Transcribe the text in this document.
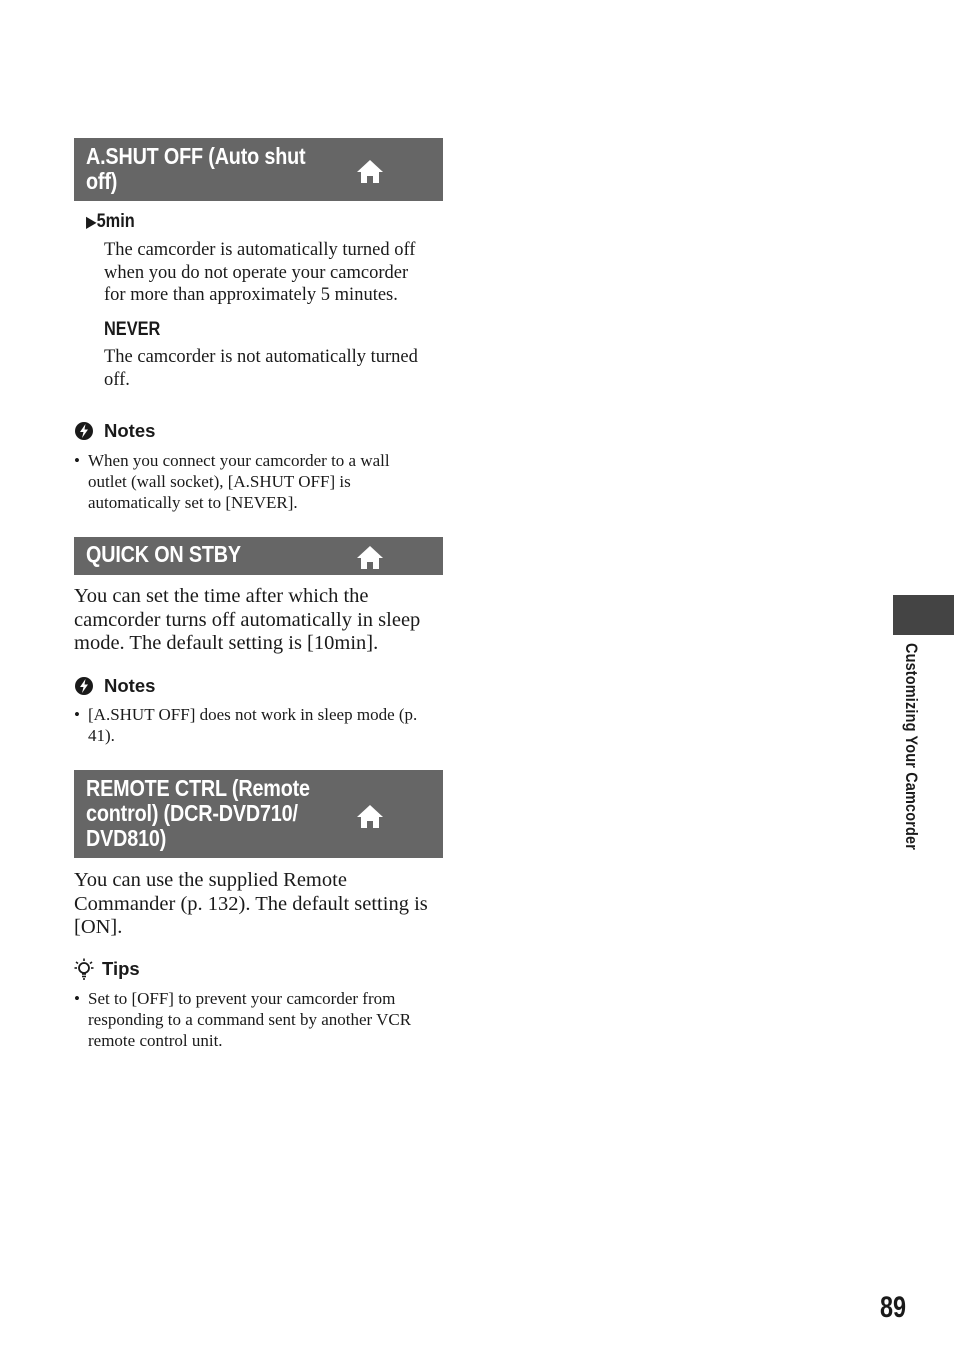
A.SHUT OFF (Auto shut
off)
▶5min
The camcorder is automatically turned off
when you do not operate your camcorder
for more than approximately 5 minutes.
NEVER
The camcorder is not automatically turned
off.
Notes
• When you connect your camcorder to a wall
outlet (wall socket), [A.SHUT OFF] is
automatically set to [NEVER].
QUICK ON STBY
You can set the time after which the
camcorder turns off automatically in sleep
mode. The default setting is [10min].
Notes
• [A.SHUT OFF] does not work in sleep mode (p.
41).
REMOTE CTRL (Remote
control) (DCR-DVD710/
DVD810)
You can use the supplied Remote
Commander (p. 132). The default setting is
[ON].
Tips
• Set to [OFF] to prevent your camcorder from
responding to a command sent by another VCR
remote control unit.
Customizing Your Camcorder
89
